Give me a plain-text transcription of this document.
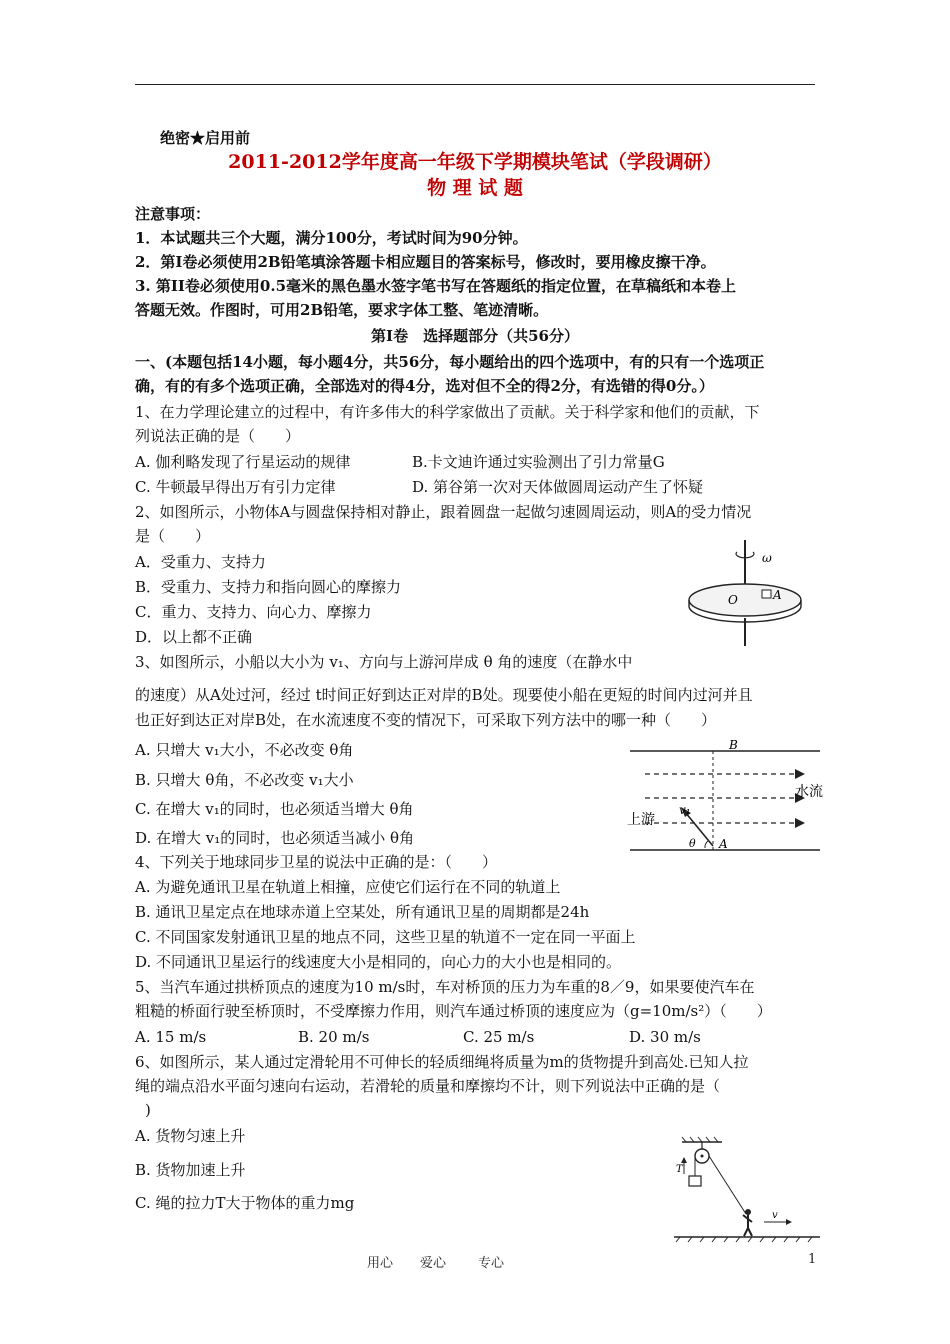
绝密★启用前
2011-2012学年度高一年级下学期模块笔试（学段调研）
物 理 试 题
注意事项：
1．本试题共三个大题，满分100分，考试时间为90分钟。
2．第Ⅰ卷必须使用2B铅笔填涂答题卡相应题目的答案标号，修改时，要用橡皮擦干净。
3. 第II卷必须使用0.5毫米的黑色墨水签字笔书写在答题纸的指定位置，在草稿纸和本卷上
答题无效。作图时，可用2B铅笔，要求字体工整、笔迹清晰。
第Ⅰ卷　选择题部分（共56分）
一、(本题包括14小题，每小题4分，共56分，每小题给出的四个选项中，有的只有一个选项正
确，有的有多个选项正确，全部选对的得4分，选对但不全的得2分，有选错的得0分。）
1、在力学理论建立的过程中，有许多伟大的科学家做出了贡献。关于科学家和他们的贡献，下
列说法正确的是（　　）
A. 伽利略发现了行星运动的规律	B.卡文迪许通过实验测出了引力常量G
C. 牛顿最早得出万有引力定律	D. 第谷第一次对天体做圆周运动产生了怀疑
2、如图所示，小物体A与圆盘保持相对静止，跟着圆盘一起做匀速圆周运动，则A的受力情况
是（　　）
A．受重力、支持力
B．受重力、支持力和指向圆心的摩擦力
C．重力、支持力、向心力、摩擦力
D．以上都不正确
ω
O	A
3、如图所示，小船以大小为 v₁、方向与上游河岸成 θ 角的速度（在静水中
的速度）从A处过河，经过 t时间正好到达正对岸的B处。现要使小船在更短的时间内过河并且
也正好到达正对岸B处，在水流速度不变的情况下，可采取下列方法中的哪一种（　　）
A. 只增大 v₁大小，不必改变 θ角
B. 只增大 θ角，不必改变 v₁大小
C. 在增大 v₁的同时，也必须适当增大 θ角
D. 在增大 v₁的同时，也必须适当减小 θ角
B
水流
上游
v₁
θ A
4、下列关于地球同步卫星的说法中正确的是：（　　）
A. 为避免通讯卫星在轨道上相撞，应使它们运行在不同的轨道上
B. 通讯卫星定点在地球赤道上空某处，所有通讯卫星的周期都是24h
C. 不同国家发射通讯卫星的地点不同，这些卫星的轨道不一定在同一平面上
D. 不同通讯卫星运行的线速度大小是相同的，向心力的大小也是相同的。
5、当汽车通过拱桥顶点的速度为10 m/s时，车对桥顶的压力为车重的8／9，如果要使汽车在
粗糙的桥面行驶至桥顶时，不受摩擦力作用，则汽车通过桥顶的速度应为（g=10m/s²）（　　）
A. 15 m/s	B. 20 m/s	C. 25 m/s	D. 30 m/s
6、如图所示，某人通过定滑轮用不可伸长的轻质细绳将质量为m的货物提升到高处.已知人拉
绳的端点沿水平面匀速向右运动，若滑轮的质量和摩擦均不计，则下列说法中正确的是（
)
A. 货物匀速上升
B. 货物加速上升
C. 绳的拉力T大于物体的重力mg
T
v
用心 爱心 专心	1
